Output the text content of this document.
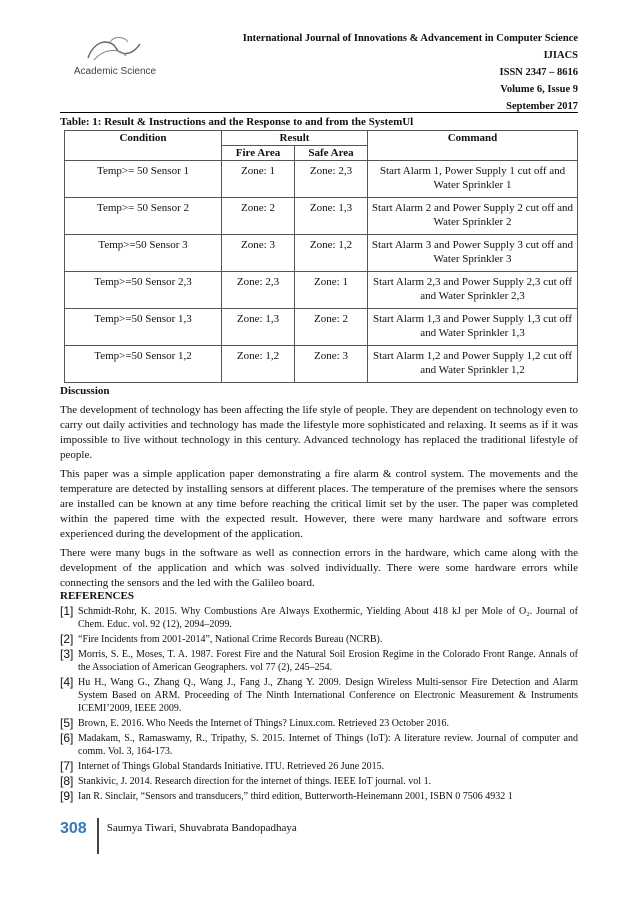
Academic Science
International Journal of Innovations & Advancement in Computer Science
IJIACS
ISSN 2347 – 8616
Volume 6, Issue 9
September 2017
Table: 1: Result & Instructions and the Response to and from the SystemUl
Condition	Result		Command
	Fire Area	Safe Area	
Temp>= 50 Sensor 1	Zone: 1	Zone: 2,3	Start Alarm 1, Power Supply 1 cut off and Water Sprinkler 1
Temp>= 50 Sensor 2	Zone: 2	Zone: 1,3	Start Alarm 2 and Power Supply 2 cut off and Water Sprinkler 2
Temp>=50 Sensor 3	Zone: 3	Zone: 1,2	Start Alarm 3 and Power Supply 3 cut off and Water Sprinkler 3
Temp>=50 Sensor 2,3	Zone: 2,3	Zone: 1	Start Alarm 2,3 and Power Supply 2,3 cut off and Water Sprinkler 2,3
Temp>=50 Sensor 1,3	Zone: 1,3	Zone: 2	Start Alarm 1,3 and Power Supply 1,3 cut off and Water Sprinkler 1,3
Temp>=50 Sensor 1,2	Zone: 1,2	Zone: 3	Start Alarm 1,2 and Power Supply 1,2 cut off and Water Sprinkler 1,2
Discussion

The development of technology has been affecting the life style of people. They are dependent on technology even to carry out daily activities and technology has made the lifestyle more sophisticated and relaxing. It seems as if it was impossible to live without technology in this century. Advanced technology has replaced the traditional lifestyle of people.

This paper was a simple application paper demonstrating a fire alarm & control system. The movements and the temperature are detected by installing sensors at different places. The temperature of the premises where the sensors are installed can be known at any time before reaching the critical limit set by the user. The paper was completed within the papered time with the expected result. However, there were many hardware and software errors experienced during the development of the application.

There were many bugs in the software as well as connection errors in the hardware, which came along with the development of the application and which was solved individually. There were some hardware errors while connecting the sensors and the led with the Galileo board.

REFERENCES
[1] Schmidt-Rohr, K. 2015. Why Combustions Are Always Exothermic, Yielding About 418 kJ per Mole of O₂. Journal of Chem. Educ. vol. 92 (12), 2094–2099.
[2] “Fire Incidents from 2001-2014”, National Crime Records Bureau (NCRB).
[3] Morris, S. E., Moses, T. A. 1987. Forest Fire and the Natural Soil Erosion Regime in the Colorado Front Range. Annals of the Association of American Geographers. vol 77 (2), 245–254.
[4] Hu H., Wang G., Zhang Q., Wang J., Fang J., Zhang Y. 2009. Design Wireless Multi-sensor Fire Detection and Alarm System Based on ARM. Proceeding of The Ninth International Conference on Electronic Measurement & Instruments ICEMI’2009, IEEE 2009.
[5] Brown, E. 2016. Who Needs the Internet of Things? Linux.com. Retrieved 23 October 2016.
[6] Madakam, S., Ramaswamy, R., Tripathy, S. 2015. Internet of Things (IoT): A literature review. Journal of computer and comm. Vol. 3, 164-173.
[7] Internet of Things Global Standards Initiative. ITU. Retrieved 26 June 2015.
[8] Stankivic, J. 2014. Research direction for the internet of things. IEEE IoT journal. vol 1.
[9] Ian R. Sinclair, “Sensors and transducers,” third edition, Butterworth-Heinemann 2001, ISBN 0 7506 4932 1
308	Saumya Tiwari, Shuvabrata Bandopadhaya
